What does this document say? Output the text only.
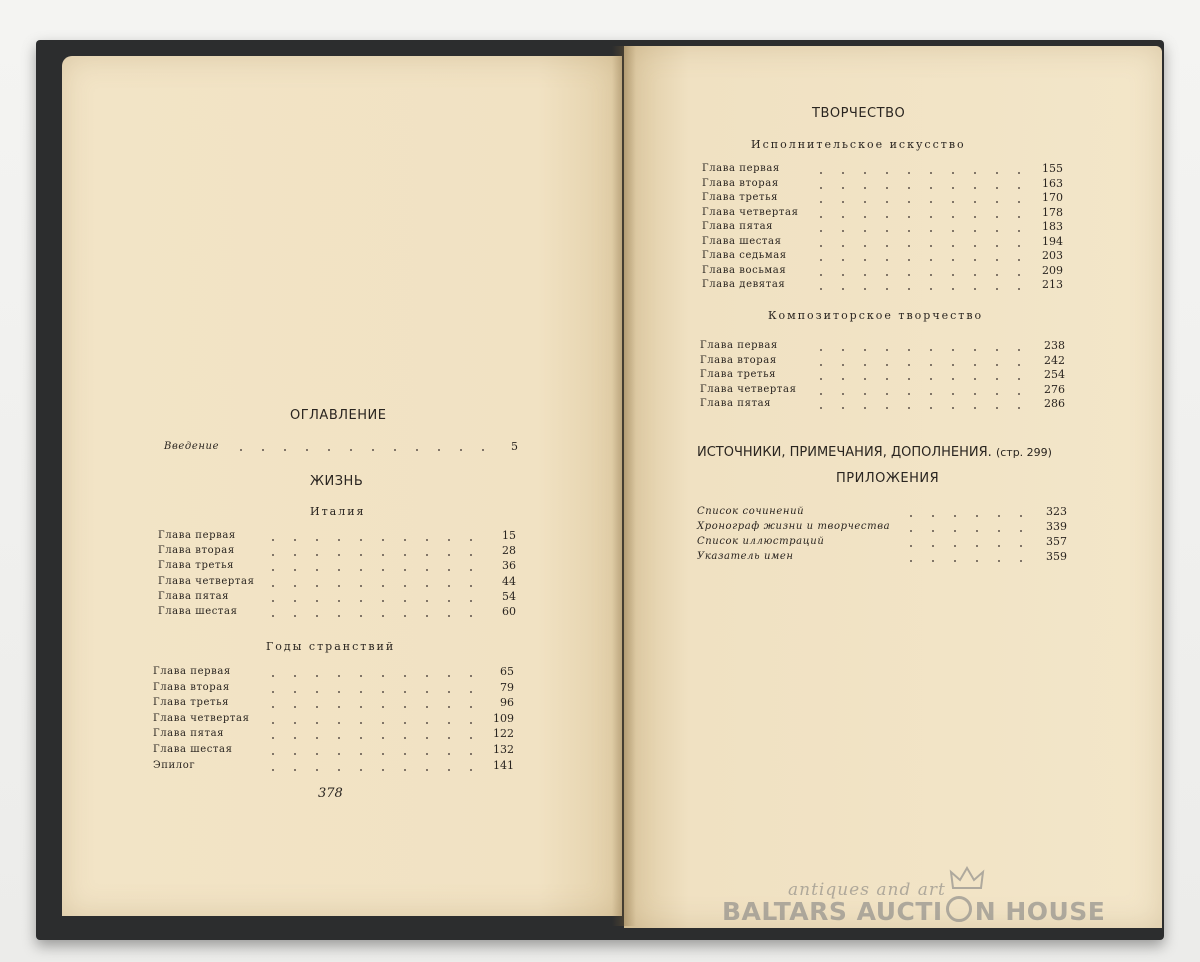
ОГЛАВЛЕНИЕ
Введение	5
ЖИЗНЬ
Италия
Глава первая	15
Глава вторая	28
Глава третья	36
Глава четвертая	44
Глава пятая	54
Глава шестая	60
Годы странствий
Глава первая	65
Глава вторая	79
Глава третья	96
Глава четвертая	109
Глава пятая	122
Глава шестая	132
Эпилог	141
378
ТВОРЧЕСТВО
Исполнительское искусство
Глава первая	155
Глава вторая	163
Глава третья	170
Глава четвертая	178
Глава пятая	183
Глава шестая	194
Глава седьмая	203
Глава восьмая	209
Глава девятая	213
Композиторское творчество
Глава первая	238
Глава вторая	242
Глава третья	254
Глава четвертая	276
Глава пятая	286
ИСТОЧНИКИ, ПРИМЕЧАНИЯ, ДОПОЛНЕНИЯ. (стр. 299)
ПРИЛОЖЕНИЯ
Список сочинений	323
Хронограф жизни и творчества	339
Список иллюстраций	357
Указатель имен	359
antiques and art
BALTARS AUCTI N HOUSE
